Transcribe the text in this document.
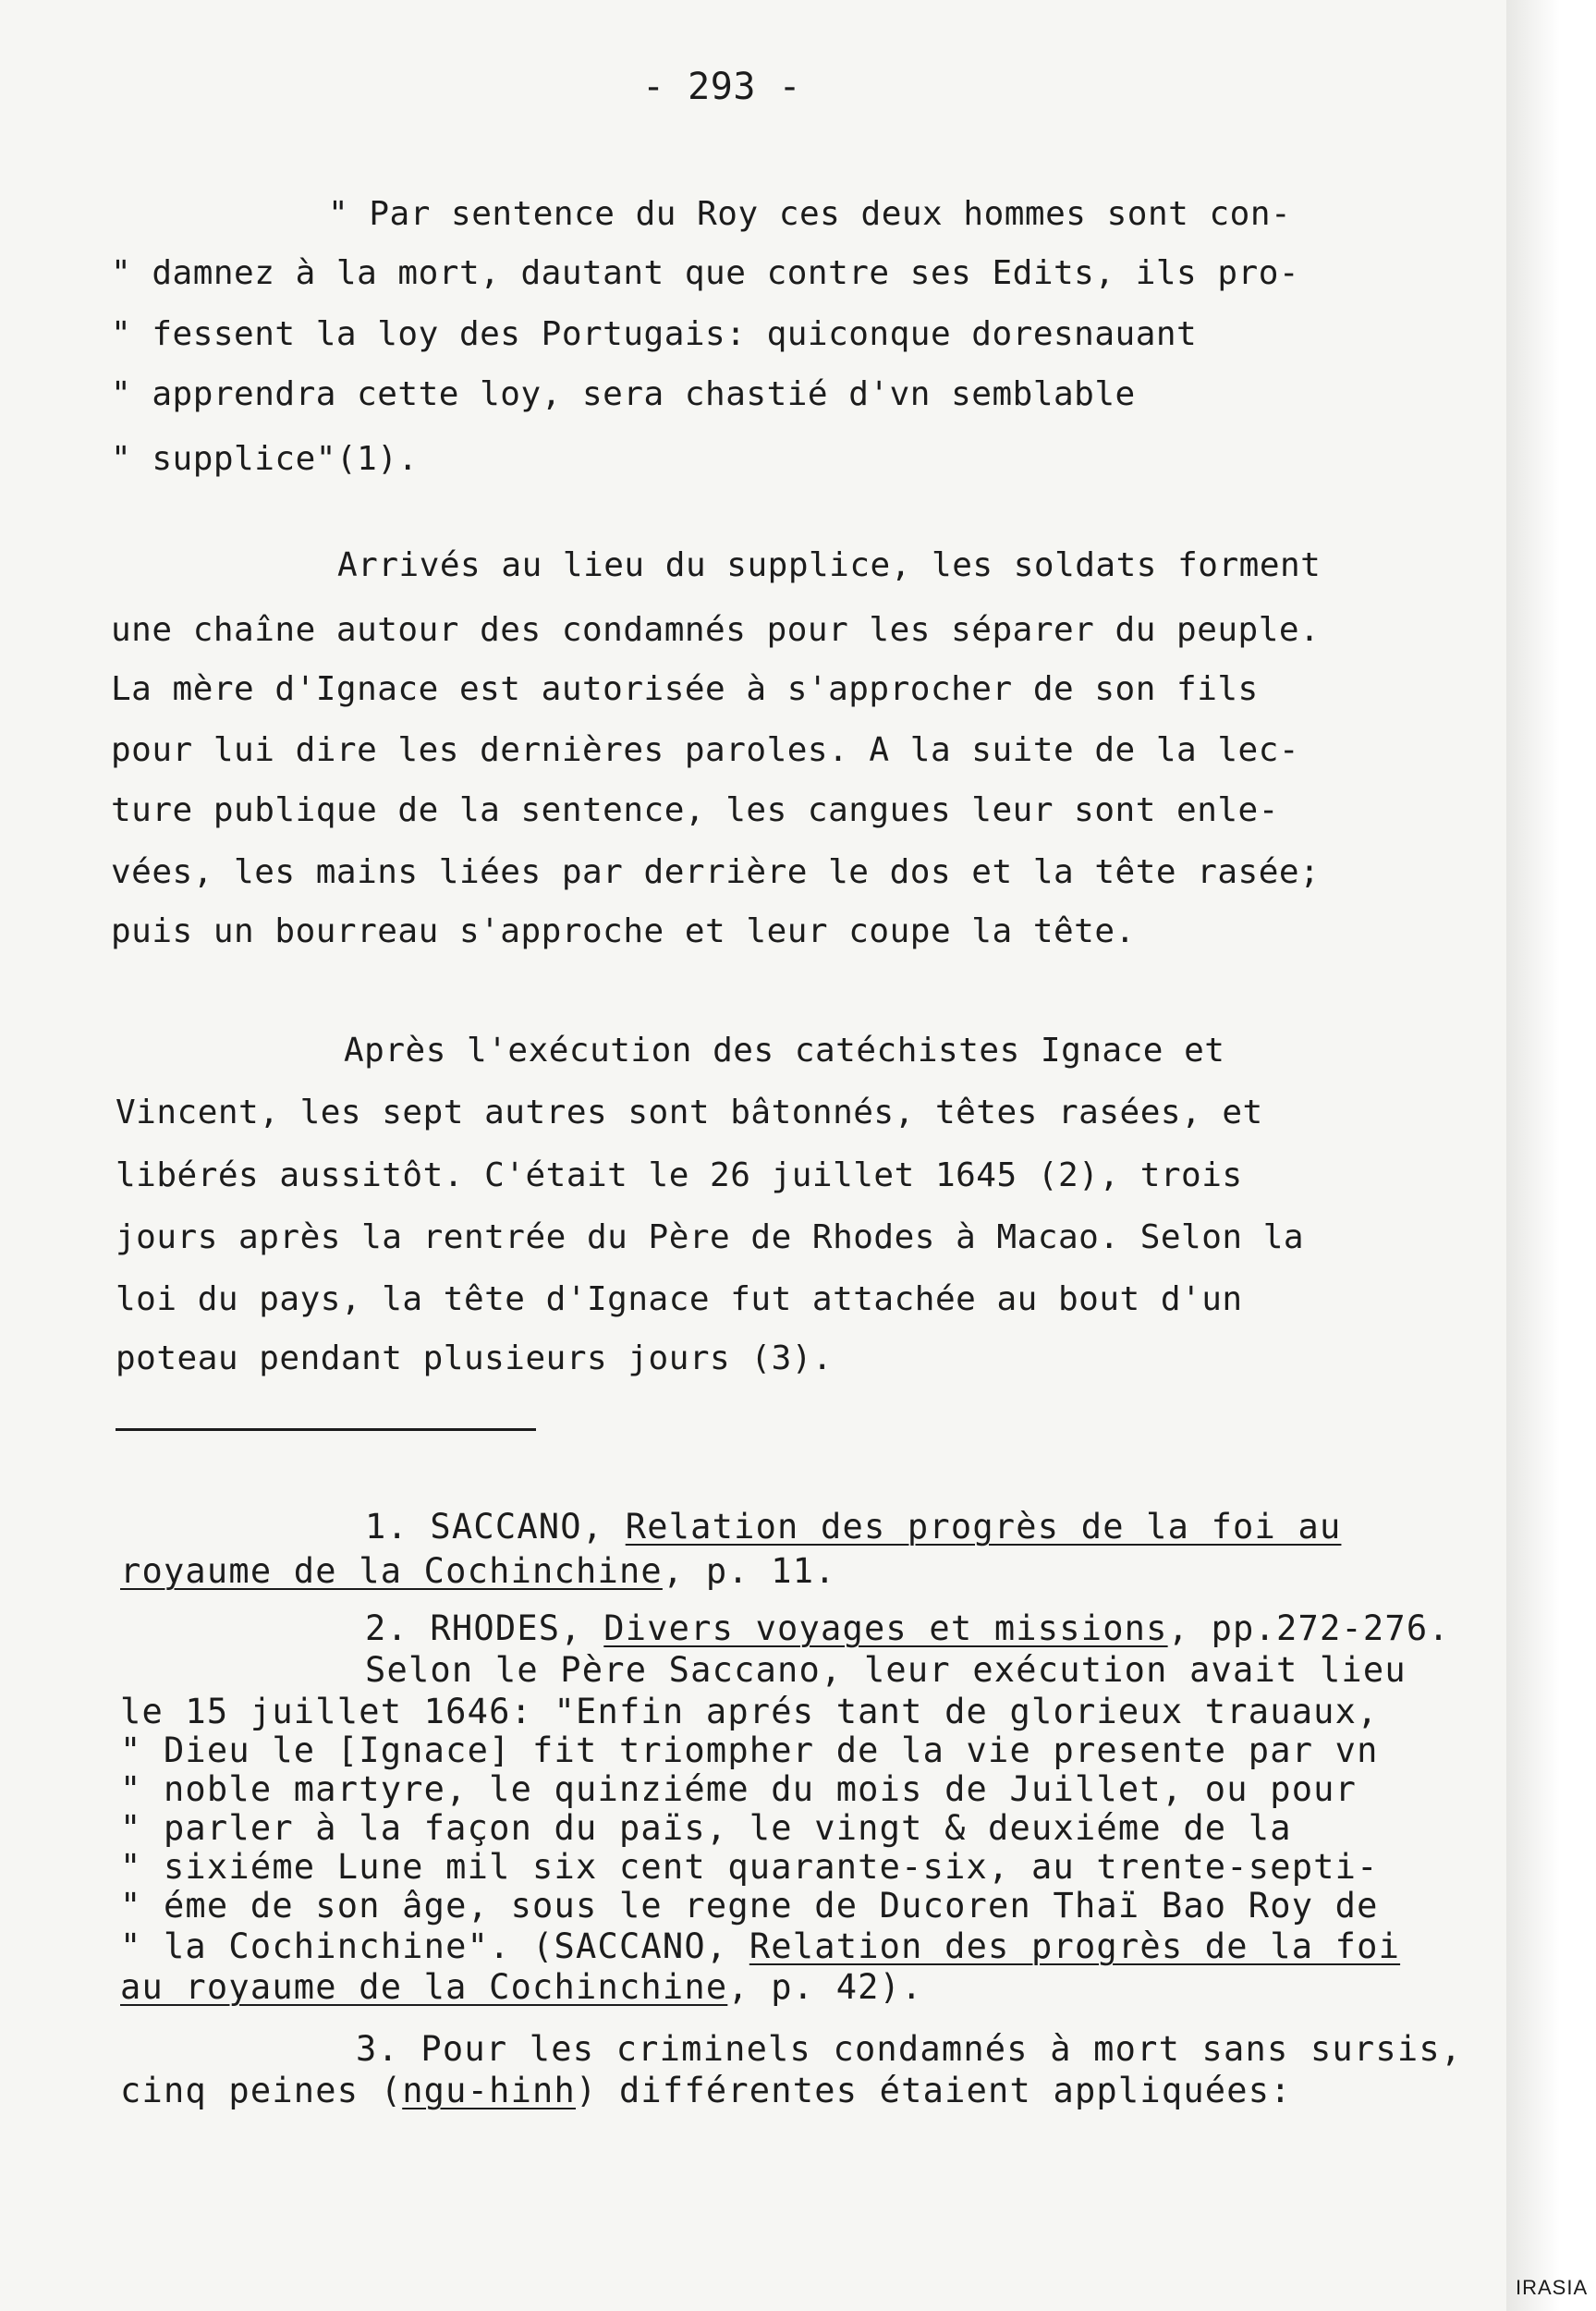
- 293 -
" Par sentence du Roy ces deux hommes sont con-
" damnez à la mort, dautant que contre ses Edits, ils pro-
" fessent la loy des Portugais: quiconque doresnauant
" apprendra cette loy, sera chastié d'vn semblable
" supplice"(1).
Arrivés au lieu du supplice, les soldats forment
une chaîne autour des condamnés pour les séparer du peuple.
La mère d'Ignace est autorisée à s'approcher de son fils
pour lui dire les dernières paroles. A la suite de la lec-
ture publique de la sentence, les cangues leur sont enle-
vées, les mains liées par derrière le dos et la tête rasée;
puis un bourreau s'approche et leur coupe la tête.
Après l'exécution des catéchistes Ignace et
Vincent, les sept autres sont bâtonnés, têtes rasées, et
libérés aussitôt. C'était le 26 juillet 1645 (2), trois
jours après la rentrée du Père de Rhodes à Macao. Selon la
loi du pays, la tête d'Ignace fut attachée au bout d'un
poteau pendant plusieurs jours (3).
1. SACCANO, Relation des progrès de la foi au
royaume de la Cochinchine, p. 11.
2. RHODES, Divers voyages et missions, pp.272-276.
Selon le Père Saccano, leur exécution avait lieu
le 15 juillet 1646: "Enfin aprés tant de glorieux trauaux,
" Dieu le [Ignace] fit triompher de la vie presente par vn
" noble martyre, le quinziéme du mois de Juillet, ou pour
" parler à la façon du païs, le vingt & deuxiéme de la
" sixiéme Lune mil six cent quarante-six, au trente-septi-
" éme de son âge, sous le regne de Ducoren Thaï Bao Roy de
" la Cochinchine". (SACCANO, Relation des progrès de la foi
au royaume de la Cochinchine, p. 42).
3. Pour les criminels condamnés à mort sans sursis,
cinq peines (ngu-hinh) différentes étaient appliquées:
IRASIA
